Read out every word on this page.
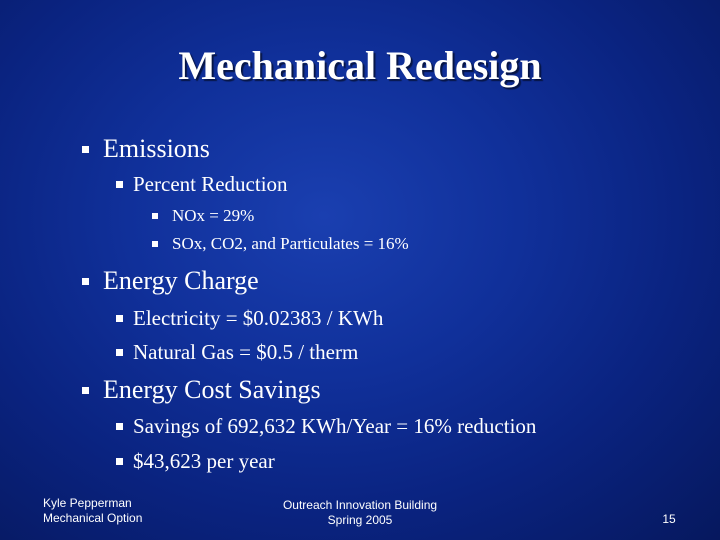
Mechanical Redesign
Emissions
Percent Reduction
NOx = 29%
SOx, CO2, and Particulates = 16%
Energy Charge
Electricity = $0.02383 / KWh
Natural Gas = $0.5 / therm
Energy Cost Savings
Savings of 692,632 KWh/Year = 16% reduction
$43,623 per year
Kyle Pepperman
Mechanical Option
Outreach Innovation Building
Spring 2005	15
